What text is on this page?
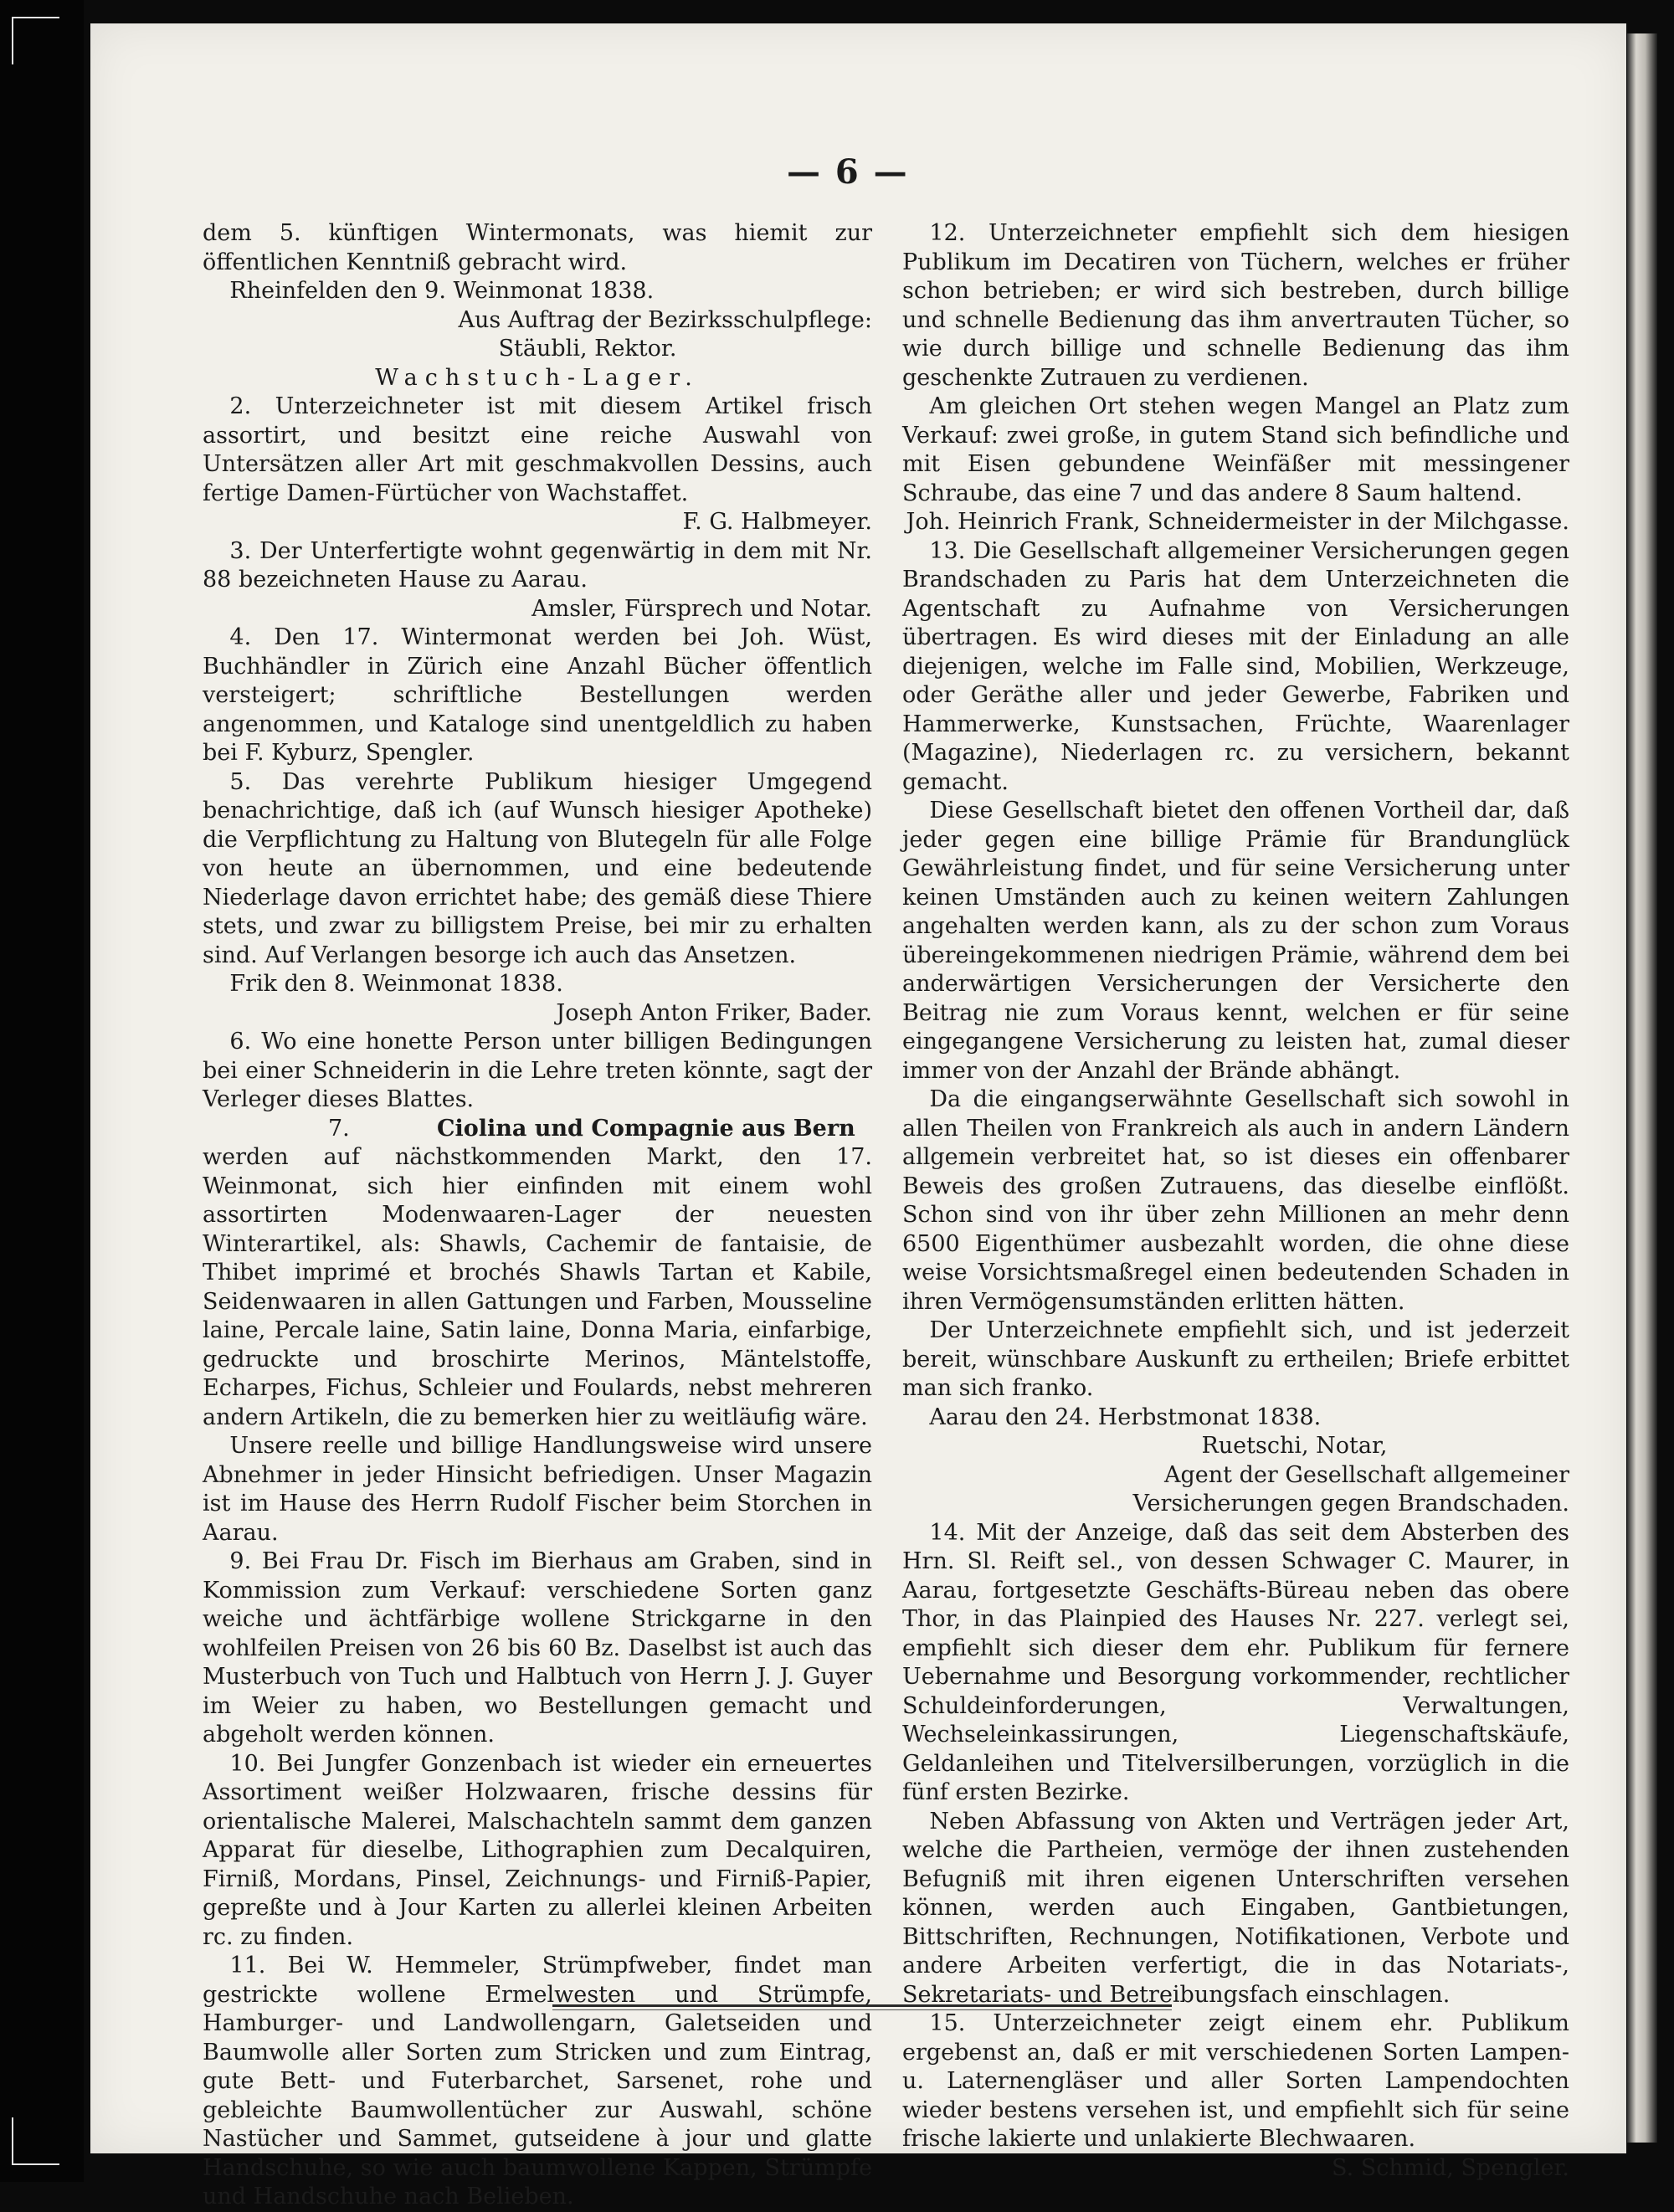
— 6 —

dem 5. künftigen Wintermonats, was hiemit zur öffentlichen Kenntniß gebracht wird.

Rheinfelden den 9. Weinmonat 1838.

Aus Auftrag der Bezirksschulpflege:

Stäubli, Rektor.

Wachstuch-Lager.

2. Unterzeichneter ist mit diesem Artikel frisch assortirt, und besitzt eine reiche Auswahl von Untersätzen aller Art mit geschmakvollen Dessins, auch fertige Damen-Fürtücher von Wachstaffet.

F. G. Halbmeyer.

3. Der Unterfertigte wohnt gegenwärtig in dem mit Nr. 88 bezeichneten Hause zu Aarau.

Amsler, Fürsprech und Notar.

4. Den 17. Wintermonat werden bei Joh. Wüst, Buchhändler in Zürich eine Anzahl Bücher öffentlich versteigert; schriftliche Bestellungen werden angenommen, und Kataloge sind unentgeldlich zu haben bei F. Kyburz, Spengler.

5. Das verehrte Publikum hiesiger Umgegend benachrichtige, daß ich (auf Wunsch hiesiger Apotheke) die Verpflichtung zu Haltung von Blutegeln für alle Folge von heute an übernommen, und eine bedeutende Niederlage davon errichtet habe; des gemäß diese Thiere stets, und zwar zu billigstem Preise, bei mir zu erhalten sind. Auf Verlangen besorge ich auch das Ansetzen.

Frik den 8. Weinmonat 1838.

Joseph Anton Friker, Bader.

6. Wo eine honette Person unter billigen Bedingungen bei einer Schneiderin in die Lehre treten könnte, sagt der Verleger dieses Blattes.

7.	Ciolina und Compagnie aus Bern

werden auf nächstkommenden Markt, den 17. Weinmonat, sich hier einfinden mit einem wohl assortirten Modenwaaren-Lager der neuesten Winterartikel, als: Shawls, Cachemir de fantaisie, de Thibet imprimé et brochés Shawls Tartan et Kabile, Seidenwaaren in allen Gattungen und Farben, Mousseline laine, Percale laine, Satin laine, Donna Maria, einfarbige, gedruckte und broschirte Merinos, Mäntelstoffe, Echarpes, Fichus, Schleier und Foulards, nebst mehreren andern Artikeln, die zu bemerken hier zu weitläufig wäre.

Unsere reelle und billige Handlungsweise wird unsere Abnehmer in jeder Hinsicht befriedigen. Unser Magazin ist im Hause des Herrn Rudolf Fischer beim Storchen in Aarau.

9. Bei Frau Dr. Fisch im Bierhaus am Graben, sind in Kommission zum Verkauf: verschiedene Sorten ganz weiche und ächtfärbige wollene Strickgarne in den wohlfeilen Preisen von 26 bis 60 Bz. Daselbst ist auch das Musterbuch von Tuch und Halbtuch von Herrn J. J. Guyer im Weier zu haben, wo Bestellungen gemacht und abgeholt werden können.

10. Bei Jungfer Gonzenbach ist wieder ein erneuertes Assortiment weißer Holzwaaren, frische dessins für orientalische Malerei, Malschachteln sammt dem ganzen Apparat für dieselbe, Lithographien zum Decalquiren, Firniß, Mordans, Pinsel, Zeichnungs- und Firniß-Papier, gepreßte und à Jour Karten zu allerlei kleinen Arbeiten rc. zu finden.

11. Bei W. Hemmeler, Strümpfweber, findet man gestrickte wollene Ermelwesten und Strümpfe, Hamburger- und Landwollengarn, Galetseiden und Baumwolle aller Sorten zum Stricken und zum Eintrag, gute Bett- und Futerbarchet, Sarsenet, rohe und gebleichte Baumwollentücher zur Auswahl, schöne Nastücher und Sammet, gutseidene à jour und glatte Handschuhe, so wie auch baumwollene Kappen, Strümpfe und Handschuhe nach Belieben.

12. Unterzeichneter empfiehlt sich dem hiesigen Publikum im Decatiren von Tüchern, welches er früher schon betrieben; er wird sich bestreben, durch billige und schnelle Bedienung das ihm anvertrauten Tücher, so wie durch billige und schnelle Bedienung das ihm geschenkte Zutrauen zu verdienen.

Am gleichen Ort stehen wegen Mangel an Platz zum Verkauf: zwei große, in gutem Stand sich befindliche und mit Eisen gebundene Weinfäßer mit messingener Schraube, das eine 7 und das andere 8 Saum haltend.

Joh. Heinrich Frank, Schneidermeister in der Milchgasse.

13. Die Gesellschaft allgemeiner Versicherungen gegen Brandschaden zu Paris hat dem Unterzeichneten die Agentschaft zu Aufnahme von Versicherungen übertragen. Es wird dieses mit der Einladung an alle diejenigen, welche im Falle sind, Mobilien, Werkzeuge, oder Geräthe aller und jeder Gewerbe, Fabriken und Hammerwerke, Kunstsachen, Früchte, Waarenlager (Magazine), Niederlagen rc. zu versichern, bekannt gemacht.

Diese Gesellschaft bietet den offenen Vortheil dar, daß jeder gegen eine billige Prämie für Brandunglück Gewährleistung findet, und für seine Versicherung unter keinen Umständen auch zu keinen weitern Zahlungen angehalten werden kann, als zu der schon zum Voraus übereingekommenen niedrigen Prämie, während dem bei anderwärtigen Versicherungen der Versicherte den Beitrag nie zum Voraus kennt, welchen er für seine eingegangene Versicherung zu leisten hat, zumal dieser immer von der Anzahl der Brände abhängt.

Da die eingangserwähnte Gesellschaft sich sowohl in allen Theilen von Frankreich als auch in andern Ländern allgemein verbreitet hat, so ist dieses ein offenbarer Beweis des großen Zutrauens, das dieselbe einflößt. Schon sind von ihr über zehn Millionen an mehr denn 6500 Eigenthümer ausbezahlt worden, die ohne diese weise Vorsichtsmaßregel einen bedeutenden Schaden in ihren Vermögensumständen erlitten hätten.

Der Unterzeichnete empfiehlt sich, und ist jederzeit bereit, wünschbare Auskunft zu ertheilen; Briefe erbittet man sich franko.

Aarau den 24. Herbstmonat 1838.

Ruetschi, Notar,

Agent der Gesellschaft allgemeiner Versicherungen gegen Brandschaden.

14. Mit der Anzeige, daß das seit dem Absterben des Hrn. Sl. Reift sel., von dessen Schwager C. Maurer, in Aarau, fortgesetzte Geschäfts-Büreau neben das obere Thor, in das Plainpied des Hauses Nr. 227. verlegt sei, empfiehlt sich dieser dem ehr. Publikum für fernere Uebernahme und Besorgung vorkommender, rechtlicher Schuldeinforderungen, Verwaltungen, Wechseleinkassirungen, Liegenschaftskäufe, Geldanleihen und Titelversilberungen, vorzüglich in die fünf ersten Bezirke.

Neben Abfassung von Akten und Verträgen jeder Art, welche die Partheien, vermöge der ihnen zustehenden Befugniß mit ihren eigenen Unterschriften versehen können, werden auch Eingaben, Gantbietungen, Bittschriften, Rechnungen, Notifikationen, Verbote und andere Arbeiten verfertigt, die in das Notariats-, Sekretariats- und Betreibungsfach einschlagen.

15. Unterzeichneter zeigt einem ehr. Publikum ergebenst an, daß er mit verschiedenen Sorten Lampen- u. Laternengläser und aller Sorten Lampendochten wieder bestens versehen ist, und empfiehlt sich für seine frische lakierte und unlakierte Blechwaaren.

S. Schmid, Spengler.
